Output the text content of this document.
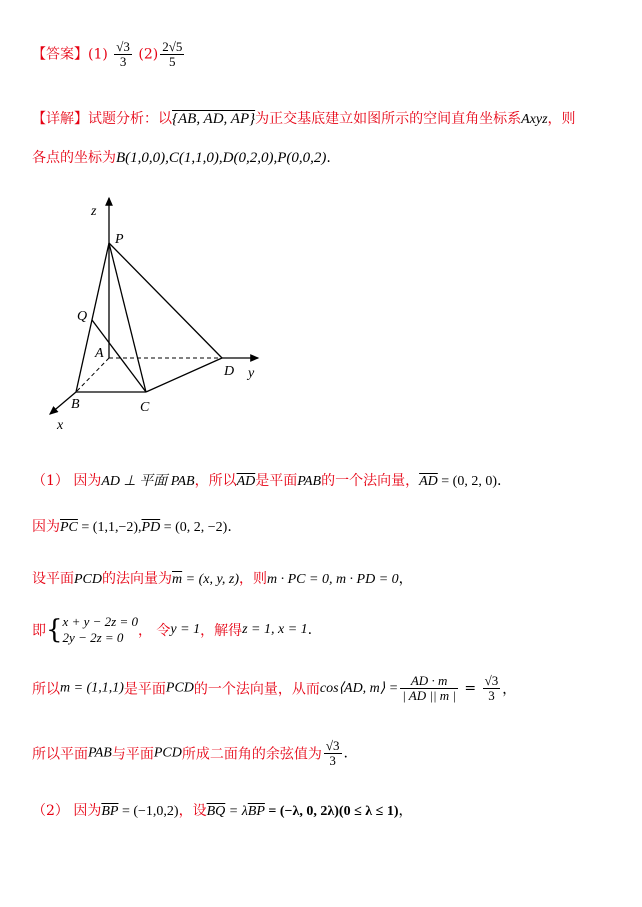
【答案】$(1) \frac{√3}{3} (2) \frac{2√5}{5}$
【详解】试题分析：以{AB, AD, AP}为正交基底建立如图所示的空间直角坐标系Axyz，则
各点的坐标为B(1,0,0),C(1,1,0),D(0,2,0),P(0,0,2).
z
P
Q
A
D y
B	C
x
（1） 因为AD ⊥ 平面 PAB，所以$\overline{AD}$是平面PAB的一个法向量，$\overline{AD} = (0$, 2, 0).
因为$\overline{PC} = (1,1,-2),\overline{PD} = (0$, 2, −2).
设平面PCD的法向量为$\overline{m} = (x$, y, z)，则m · PC = 0, m · PD = 0，
即{ x + y − 2z = 0
2y − 2z = 0	， 令y = 1，解得z = 1, x = 1.
所以m = (1,1,1)是平面PCD的一个法向量，从而cos⟨AD, m⟩ = $\frac{AD \cdot m}{| AD || m |} = \frac{√3}{3}$ ，
所以平面PAB与平面PCD所成二面角的余弦值为 $\frac{√3}{3}$ .
（2） 因为$\overline{BP} = (-1,0,2)$，设$\overline{BQ} = \lambda\overline{BP} = (-\lambda$, 0, 2λ)(0 ≤ λ ≤ 1)，
